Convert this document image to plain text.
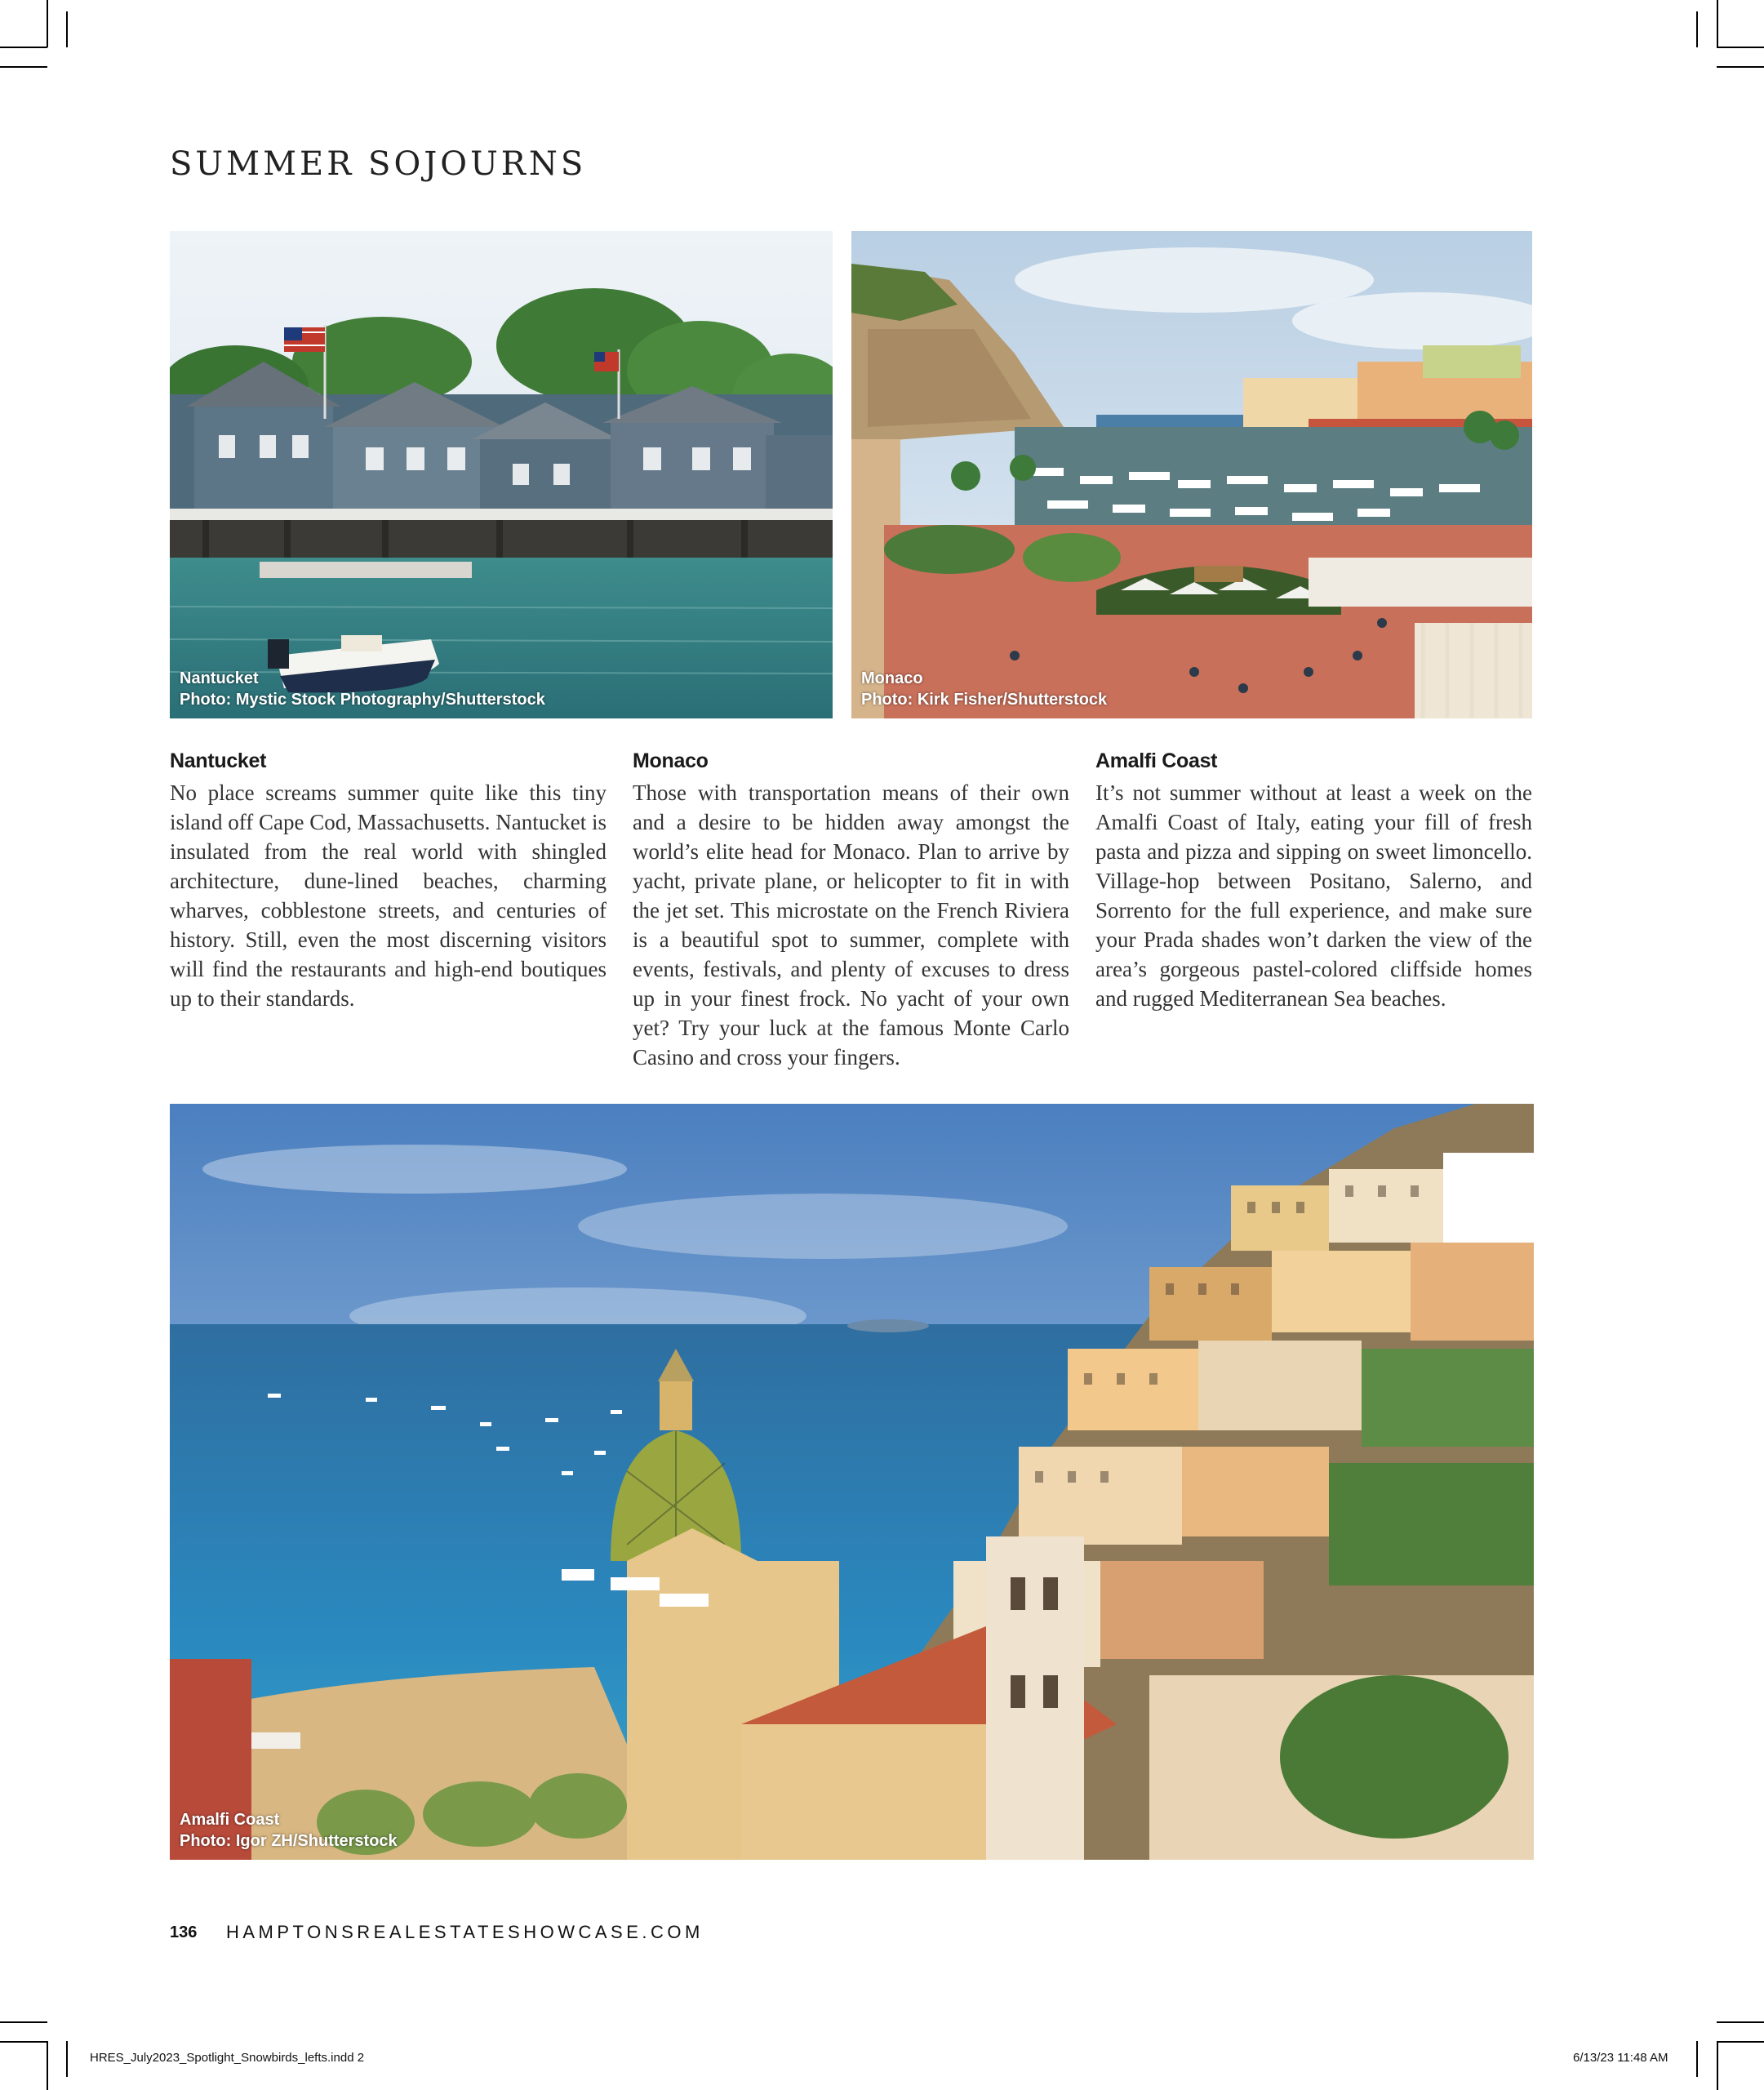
SUMMER SOJOURNS
Nantucket
Photo: Mystic Stock Photography/Shutterstock
Monaco
Photo: Kirk Fisher/Shutterstock
Nantucket

No place screams summer quite like this tiny island off Cape Cod, Massachusetts. Nantucket is insulated from the real world with shingled architecture, dune-lined beaches, charming wharves, cobblestone streets, and centuries of history. Still, even the most discerning visitors will find the restaurants and high-end boutiques up to their standards.

Monaco

Those with transportation means of their own and a desire to be hidden away amongst the world’s elite head for Monaco. Plan to arrive by yacht, private plane, or helicopter to fit in with the jet set. This microstate on the French Riviera is a beautiful spot to summer, complete with events, festivals, and plenty of excuses to dress up in your finest frock. No yacht of your own yet? Try your luck at the famous Monte Carlo Casino and cross your fingers.

Amalfi Coast

It’s not summer without at least a week on the Amalfi Coast of Italy, eating your fill of fresh pasta and pizza and sipping on sweet limoncello. Village-hop between Positano, Salerno, and Sorrento for the full experience, and make sure your Prada shades won’t darken the view of the area’s gorgeous pastel-colored cliffside homes and rugged Mediterranean Sea beaches.

Amalfi Coast
Photo: Igor ZH/Shutterstock
136 HAMPTONSREALESTATESHOWCASE.COM
HRES_July2023_Spotlight_Snowbirds_lefts.indd 2	6/13/23 11:48 AM
